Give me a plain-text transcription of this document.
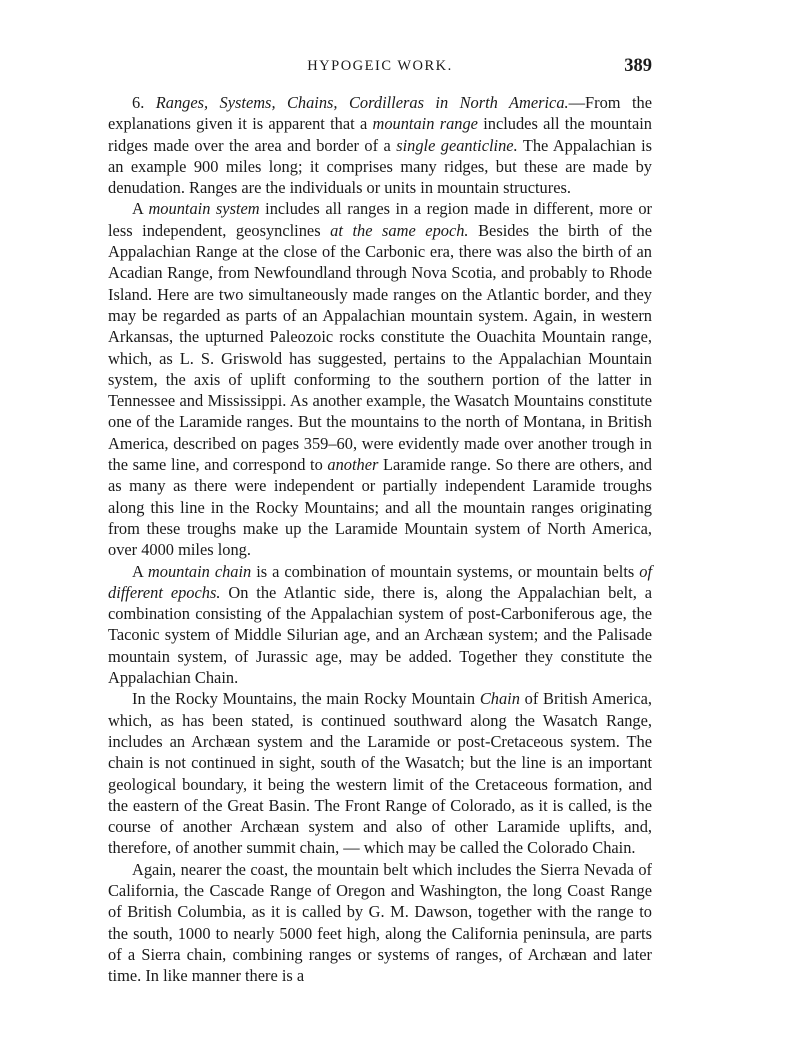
HYPOGEIC WORK.	389

6. Ranges, Systems, Chains, Cordilleras in North America.—From the explanations given it is apparent that a mountain range includes all the mountain ridges made over the area and border of a single geanticline. The Appalachian is an example 900 miles long; it comprises many ridges, but these are made by denudation. Ranges are the individuals or units in mountain structures.

A mountain system includes all ranges in a region made in different, more or less independent, geosynclines at the same epoch. Besides the birth of the Appalachian Range at the close of the Carbonic era, there was also the birth of an Acadian Range, from Newfoundland through Nova Scotia, and probably to Rhode Island. Here are two simultaneously made ranges on the Atlantic border, and they may be regarded as parts of an Appalachian mountain system. Again, in western Arkansas, the upturned Paleozoic rocks constitute the Ouachita Mountain range, which, as L. S. Griswold has suggested, pertains to the Appalachian Mountain system, the axis of uplift conforming to the southern portion of the latter in Tennessee and Mississippi. As another example, the Wasatch Mountains constitute one of the Laramide ranges. But the mountains to the north of Montana, in British America, described on pages 359–60, were evidently made over another trough in the same line, and correspond to another Laramide range. So there are others, and as many as there were independent or partially independent Laramide troughs along this line in the Rocky Mountains; and all the mountain ranges originating from these troughs make up the Laramide Mountain system of North America, over 4000 miles long.

A mountain chain is a combination of mountain systems, or mountain belts of different epochs. On the Atlantic side, there is, along the Appalachian belt, a combination consisting of the Appalachian system of post-Carboniferous age, the Taconic system of Middle Silurian age, and an Archæan system; and the Palisade mountain system, of Jurassic age, may be added. Together they constitute the Appalachian Chain.

In the Rocky Mountains, the main Rocky Mountain Chain of British America, which, as has been stated, is continued southward along the Wasatch Range, includes an Archæan system and the Laramide or post-Cretaceous system. The chain is not continued in sight, south of the Wasatch; but the line is an important geological boundary, it being the western limit of the Cretaceous formation, and the eastern of the Great Basin. The Front Range of Colorado, as it is called, is the course of another Archæan system and also of other Laramide uplifts, and, therefore, of another summit chain, — which may be called the Colorado Chain.

Again, nearer the coast, the mountain belt which includes the Sierra Nevada of California, the Cascade Range of Oregon and Washington, the long Coast Range of British Columbia, as it is called by G. M. Dawson, together with the range to the south, 1000 to nearly 5000 feet high, along the California peninsula, are parts of a Sierra chain, combining ranges or systems of ranges, of Archæan and later time. In like manner there is a
